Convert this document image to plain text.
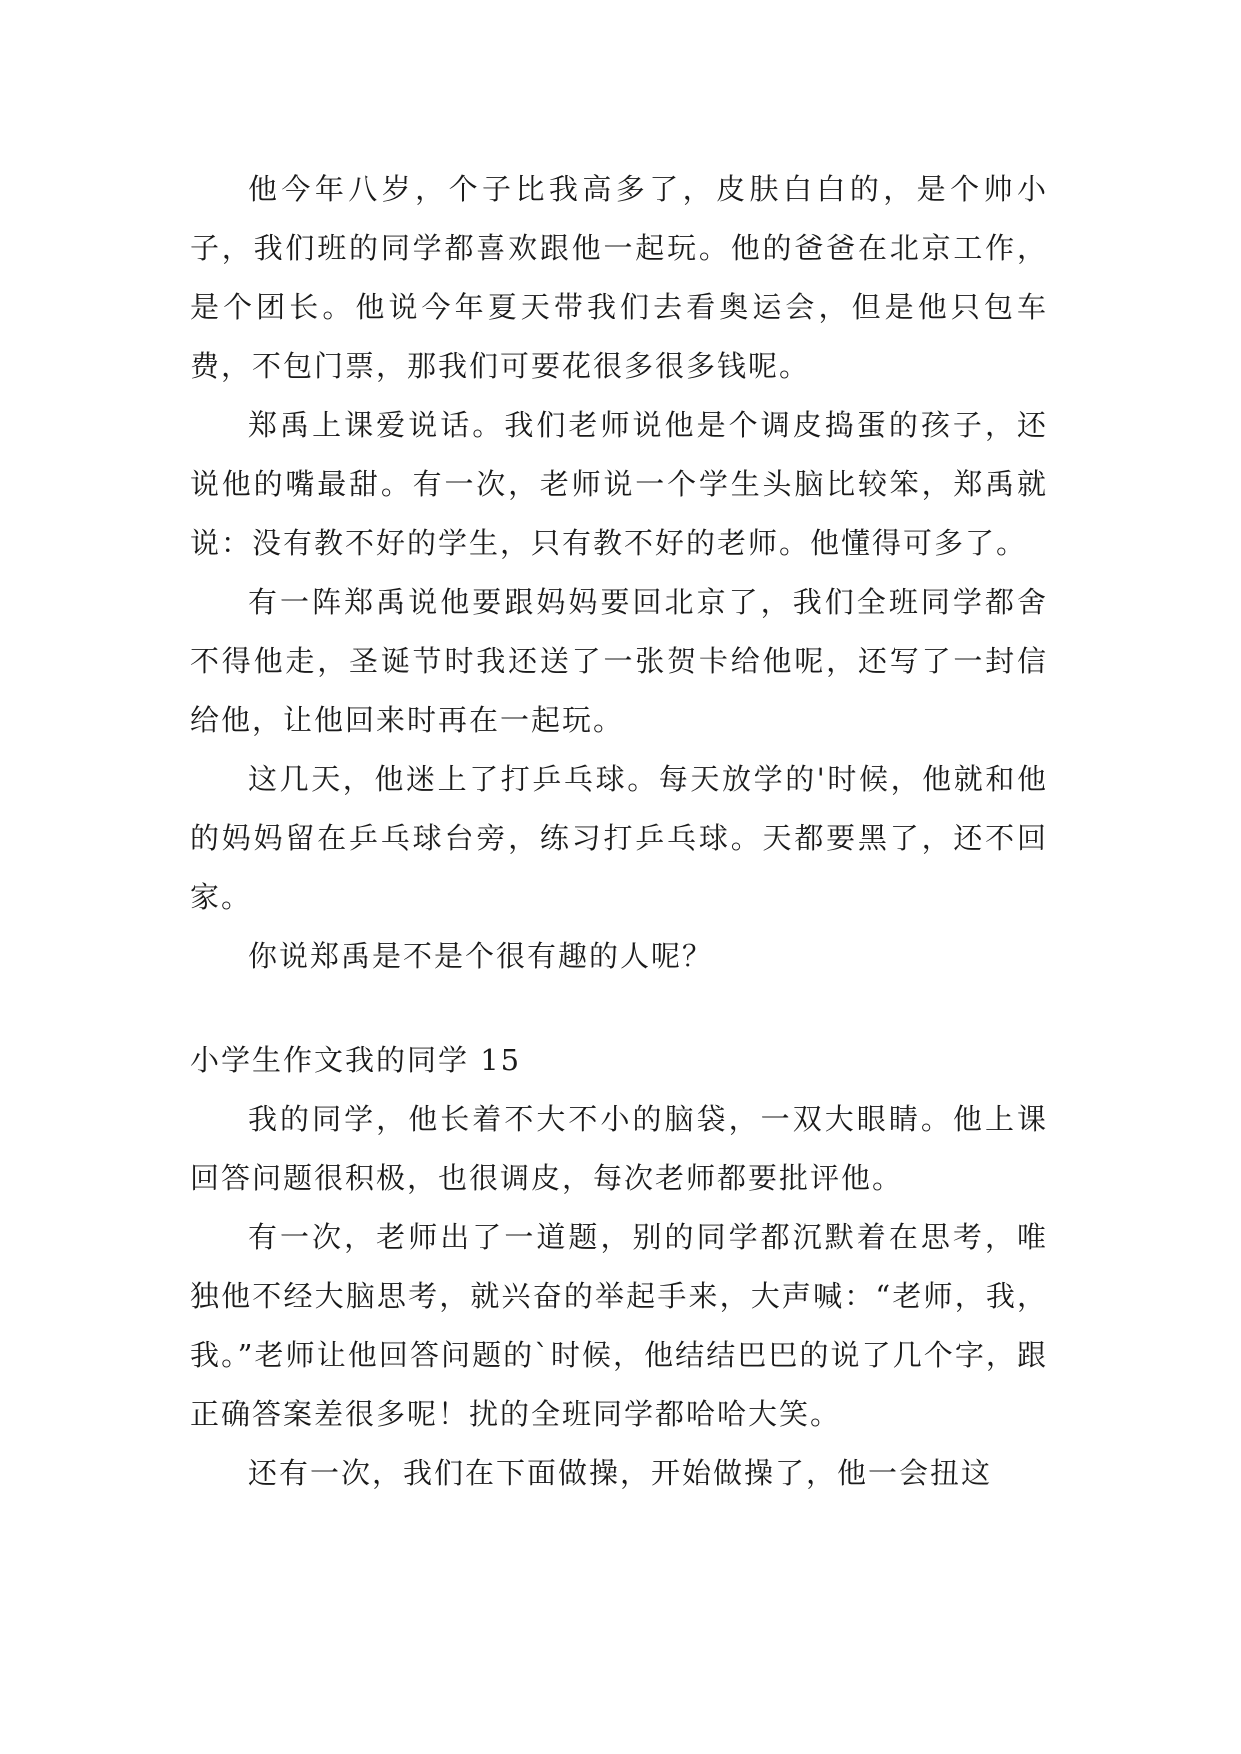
他今年八岁，个子比我高多了，皮肤白白的，是个帅小子，我们班的同学都喜欢跟他一起玩。他的爸爸在北京工作，是个团长。他说今年夏天带我们去看奥运会，但是他只包车费，不包门票，那我们可要花很多很多钱呢。

郑禹上课爱说话。我们老师说他是个调皮捣蛋的孩子，还说他的嘴最甜。有一次，老师说一个学生头脑比较笨，郑禹就说：没有教不好的学生，只有教不好的老师。他懂得可多了。

有一阵郑禹说他要跟妈妈要回北京了，我们全班同学都舍不得他走，圣诞节时我还送了一张贺卡给他呢，还写了一封信给他，让他回来时再在一起玩。

这几天，他迷上了打乒乓球。每天放学的'时候，他就和他的妈妈留在乒乓球台旁，练习打乒乓球。天都要黑了，还不回家。

你说郑禹是不是个很有趣的人呢？

小学生作文我的同学 15

我的同学，他长着不大不小的脑袋，一双大眼睛。他上课回答问题很积极，也很调皮，每次老师都要批评他。

有一次，老师出了一道题，别的同学都沉默着在思考，唯独他不经大脑思考，就兴奋的举起手来，大声喊：“老师，我，我。”老师让他回答问题的`时候，他结结巴巴的说了几个字，跟正确答案差很多呢！扰的全班同学都哈哈大笑。

还有一次，我们在下面做操，开始做操了，他一会扭这
